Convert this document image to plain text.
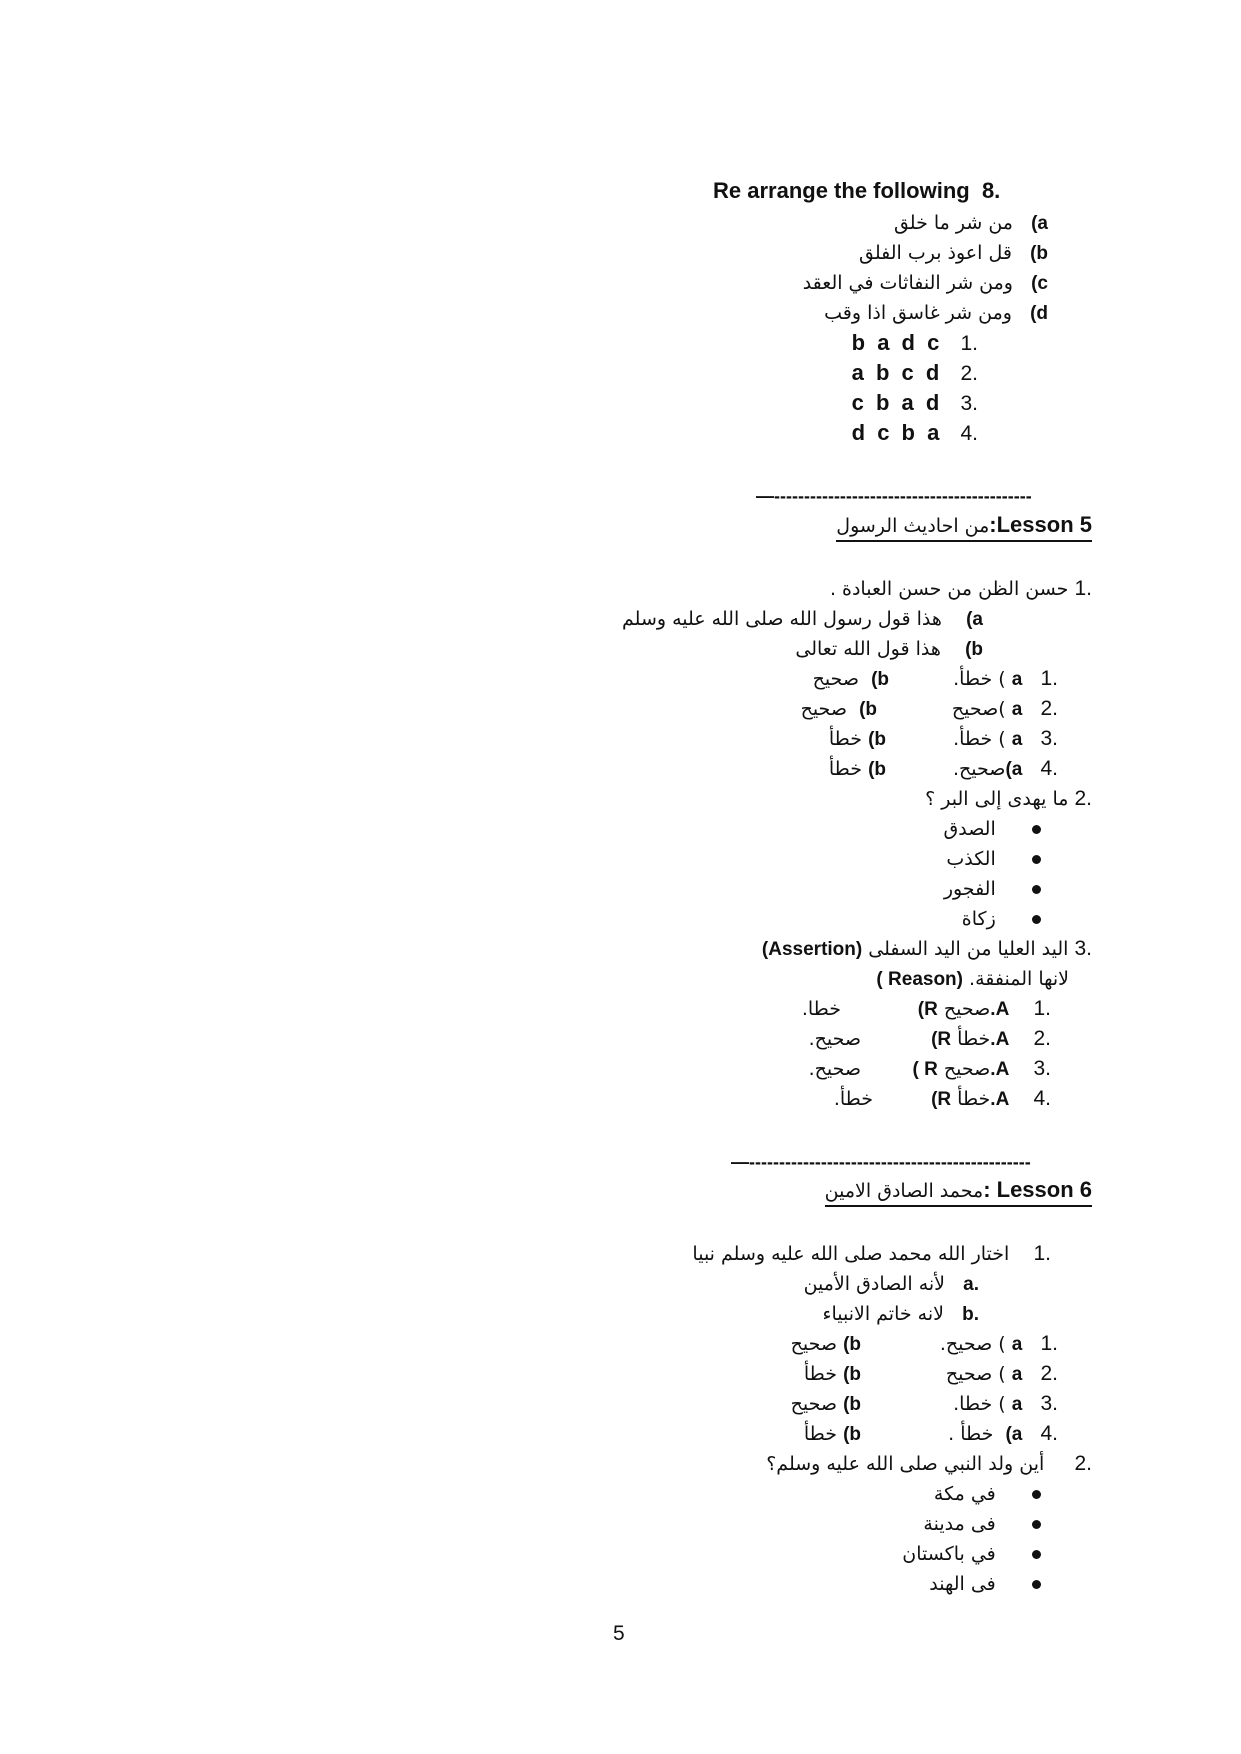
Re arrange the following 8.
a)   من شر ما خلق
b)   قل اعوذ برب الفلق
c)   ومن شر النفاثات في العقد
d)   ومن شر غاسق اذا وقب
.1   b a d c
.2   a b c d
.3   c b a d
.4   d c b a
—-------------------------------------------
:Lesson 5من احاديث الرسول
.1 حسن الظن من حسن العبادة .
a)    هذا قول رسول الله صلى الله عليه وسلم
b)    هذا قول الله تعالى
.1   a ) خطأ.
b)  صحيح
.2   a )صحيح
b)  صحيح
.3   a ) خطأ.
b) خطأ
.4   a)صحيح.
b) خطأ
.2 ما يهدى إلى البر ؟
الصدق
الكذب
الفجور
زكاة
.3 اليد العليا من اليد السفلى (Assertion)
لانها المنفقة. ( Reason)
.1    .Aصحيح (R
خطا.
.2    .Aخطأ (R
صحيح.
.3    .Aصحيح ( R
صحيح.
.4    .Aخطأ (R
خطأ.
—-----------------------------------------------
: Lesson 6محمد الصادق الامين
.1    اختار الله محمد صلى الله عليه وسلم نبيا
.a   لأنه الصادق الأمين
.b   لانه خاتم الانبياء
.1   a ) صحيح.
b) صحيح
.2   a ) صحيح
b) خطأ
.3   a ) خطا.
b) صحيح
.4   a)  خطأ .
b) خطأ
.2     أين ولد النبي صلى الله عليه وسلم؟
في مكة
فى مدينة
في باكستان
فى الهند
5
